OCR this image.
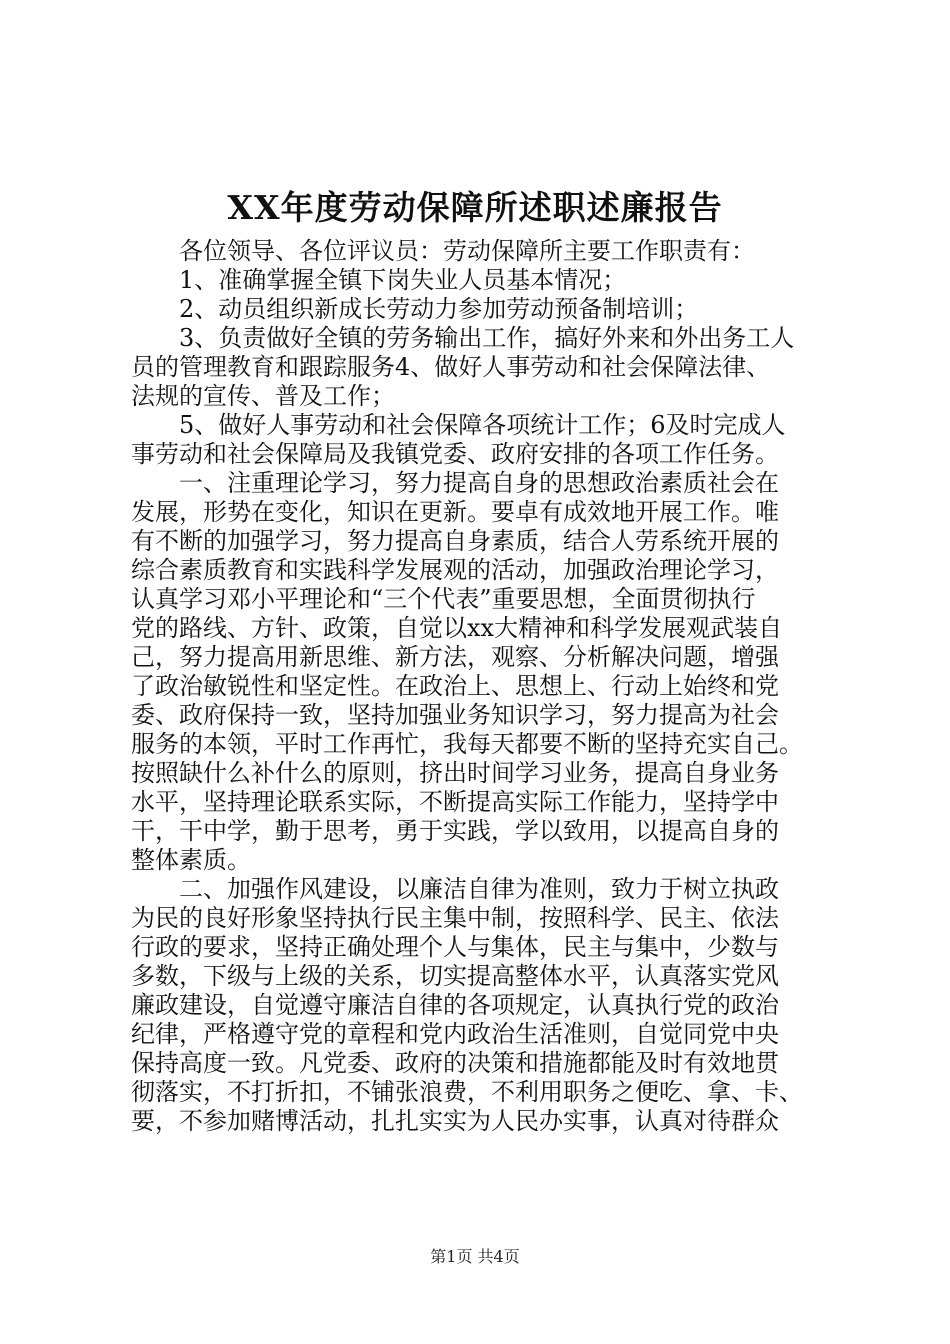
XX年度劳动保障所述职述廉报告
　　各位领导、各位评议员：劳动保障所主要工作职责有：
　　1、准确掌握全镇下岗失业人员基本情况；
　　2、动员组织新成长劳动力参加劳动预备制培训；
　　3、负责做好全镇的劳务输出工作，搞好外来和外出务工人
员的管理教育和跟踪服务4、做好人事劳动和社会保障法律、
法规的宣传、普及工作；
　　5、做好人事劳动和社会保障各项统计工作；6及时完成人
事劳动和社会保障局及我镇党委、政府安排的各项工作任务。
　　一、注重理论学习，努力提高自身的思想政治素质社会在
发展，形势在变化，知识在更新。要卓有成效地开展工作。唯
有不断的加强学习，努力提高自身素质，结合人劳系统开展的
综合素质教育和实践科学发展观的活动，加强政治理论学习，
认真学习邓小平理论和“三个代表”重要思想，全面贯彻执行
党的路线、方针、政策，自觉以xx大精神和科学发展观武装自
己，努力提高用新思维、新方法，观察、分析解决问题，增强
了政治敏锐性和坚定性。在政治上、思想上、行动上始终和党
委、政府保持一致，坚持加强业务知识学习，努力提高为社会
服务的本领，平时工作再忙，我每天都要不断的坚持充实自己。
按照缺什么补什么的原则，挤出时间学习业务，提高自身业务
水平，坚持理论联系实际，不断提高实际工作能力，坚持学中
干，干中学，勤于思考，勇于实践，学以致用，以提高自身的
整体素质。
　　二、加强作风建设，以廉洁自律为准则，致力于树立执政
为民的良好形象坚持执行民主集中制，按照科学、民主、依法
行政的要求，坚持正确处理个人与集体，民主与集中，少数与
多数，下级与上级的关系，切实提高整体水平，认真落实党风
廉政建设，自觉遵守廉洁自律的各项规定，认真执行党的政治
纪律，严格遵守党的章程和党内政治生活准则，自觉同党中央
保持高度一致。凡党委、政府的决策和措施都能及时有效地贯
彻落实，不打折扣，不铺张浪费，不利用职务之便吃、拿、卡、
要，不参加赌博活动，扎扎实实为人民办实事，认真对待群众
第1页 共4页
